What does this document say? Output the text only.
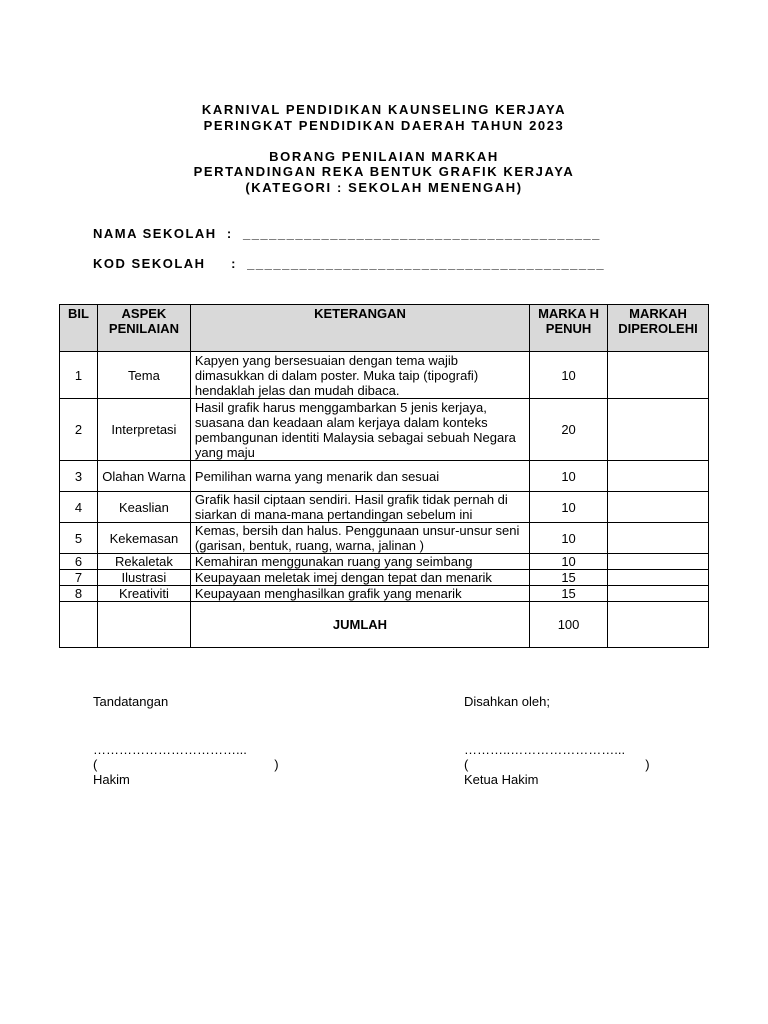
KARNIVAL PENDIDIKAN KAUNSELING KERJAYA
PERINGKAT PENDIDIKAN DAERAH TAHUN 2023
BORANG PENILAIAN MARKAH
PERTANDINGAN REKA BENTUK GRAFIK KERJAYA
(KATEGORI : SEKOLAH MENENGAH)
NAMA SEKOLAH  :  _________________________________________
KOD SEKOLAH     :  _________________________________________
BIL	ASPEK PENILAIAN	KETERANGAN	MARKA H PENUH	MARKAH DIPEROLEHI
1	Tema	Kapyen yang bersesuaian dengan tema wajib dimasukkan di dalam poster. Muka taip (tipografi) hendaklah jelas dan mudah dibaca.	10	
2	Interpretasi	Hasil grafik harus menggambarkan 5 jenis kerjaya, suasana dan keadaan alam kerjaya dalam konteks pembangunan identiti Malaysia sebagai sebuah Negara yang maju	20	
3	Olahan Warna	Pemilihan warna yang menarik dan sesuai	10	
4	Keaslian	Grafik hasil ciptaan sendiri. Hasil grafik tidak pernah di siarkan di mana-mana pertandingan sebelum ini	10	
5	Kekemasan	Kemas, bersih dan halus. Penggunaan unsur-unsur seni (garisan, bentuk, ruang, warna, jalinan )	10	
6	Rekaletak	Kemahiran menggunakan ruang yang seimbang	10	
7	Ilustrasi	Keupayaan meletak imej dengan tepat dan menarik	15	
8	Kreativiti	Keupayaan menghasilkan grafik yang menarik	15	
		JUMLAH	100	
Tandatangan
……………………………...
(                                                 )
Hakim
Disahkan oleh;
………..……………………...
(                                                 )
Ketua Hakim
